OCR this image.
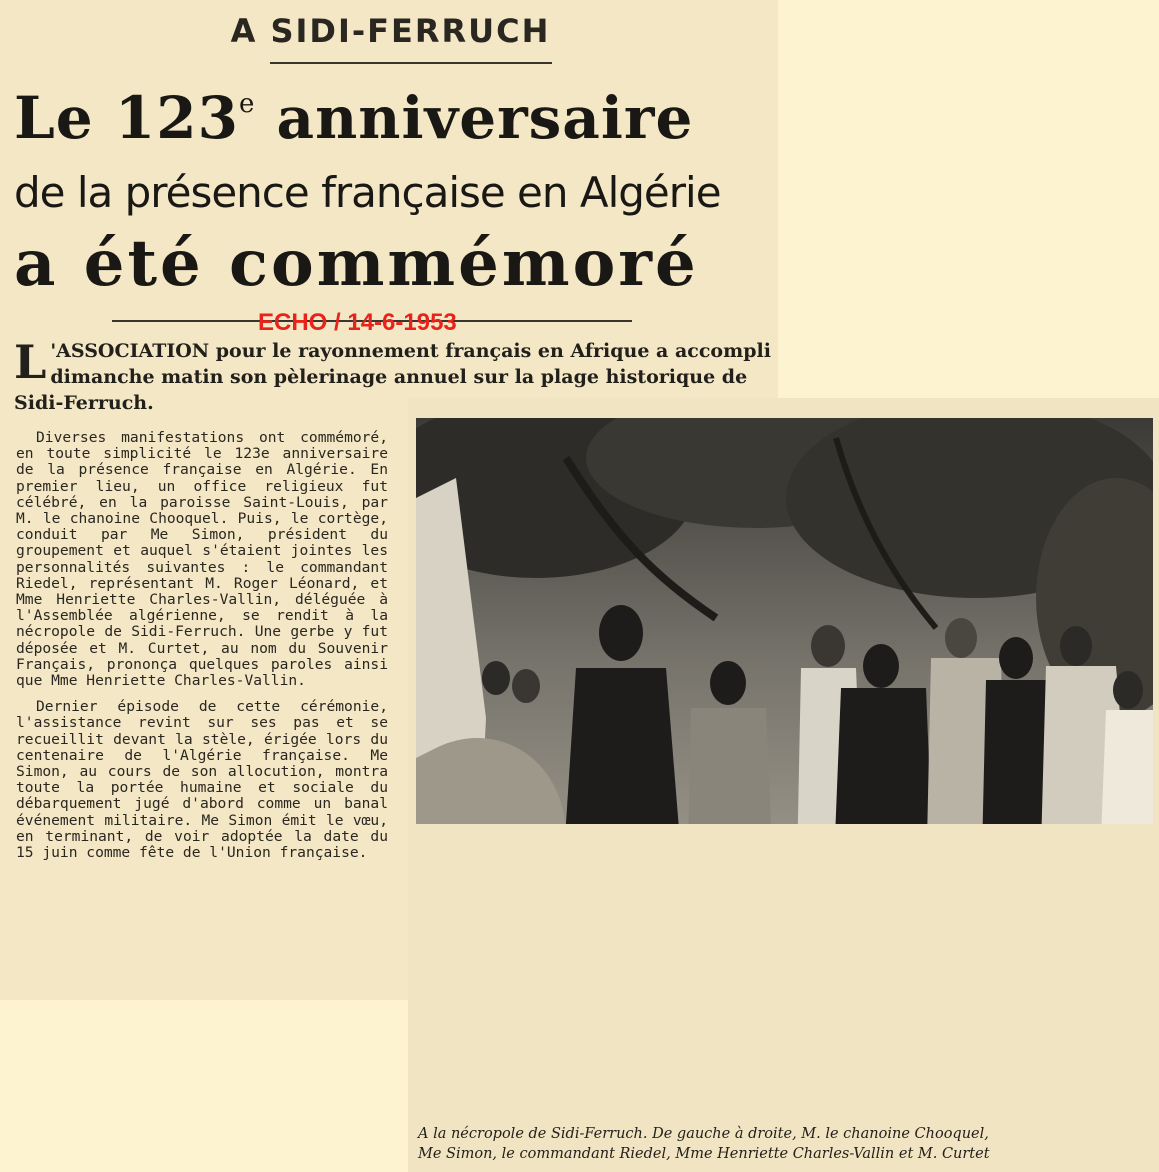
A SIDI-FERRUCH
Le 123e anniversaire
de la présence française en Algérie
a été commémoré
ECHO / 14-6-1953
L 'ASSOCIATION pour le rayonnement français en Afrique a accompli dimanche matin son pèlerinage annuel sur la plage historique de Sidi-Ferruch.

Diverses manifestations ont commémoré, en toute simplicité le 123e anniversaire de la présence française en Algérie. En premier lieu, un office religieux fut célébré, en la paroisse Saint-Louis, par M. le chanoine Chooquel. Puis, le cortège, conduit par Me Simon, président du groupement et auquel s'étaient jointes les personnalités suivantes : le commandant Riedel, représentant M. Roger Léonard, et Mme Henriette Charles-Vallin, déléguée à l'Assemblée algérienne, se rendit à la nécropole de Sidi-Ferruch. Une gerbe y fut déposée et M. Curtet, au nom du Souvenir Français, prononça quelques paroles ainsi que Mme Henriette Charles-Vallin.

Dernier épisode de cette cérémonie, l'assistance revint sur ses pas et se recueillit devant la stèle, érigée lors du centenaire de l'Algérie française. Me Simon, au cours de son allocution, montra toute la portée humaine et sociale du débarquement jugé d'abord comme un banal événement militaire. Me Simon émit le vœu, en terminant, de voir adoptée la date du 15 juin comme fête de l'Union française.

A la nécropole de Sidi-Ferruch. De gauche à droite, M. le chanoine Chooquel,
Me Simon, le commandant Riedel, Mme Henriette Charles-Vallin et M. Curtet
